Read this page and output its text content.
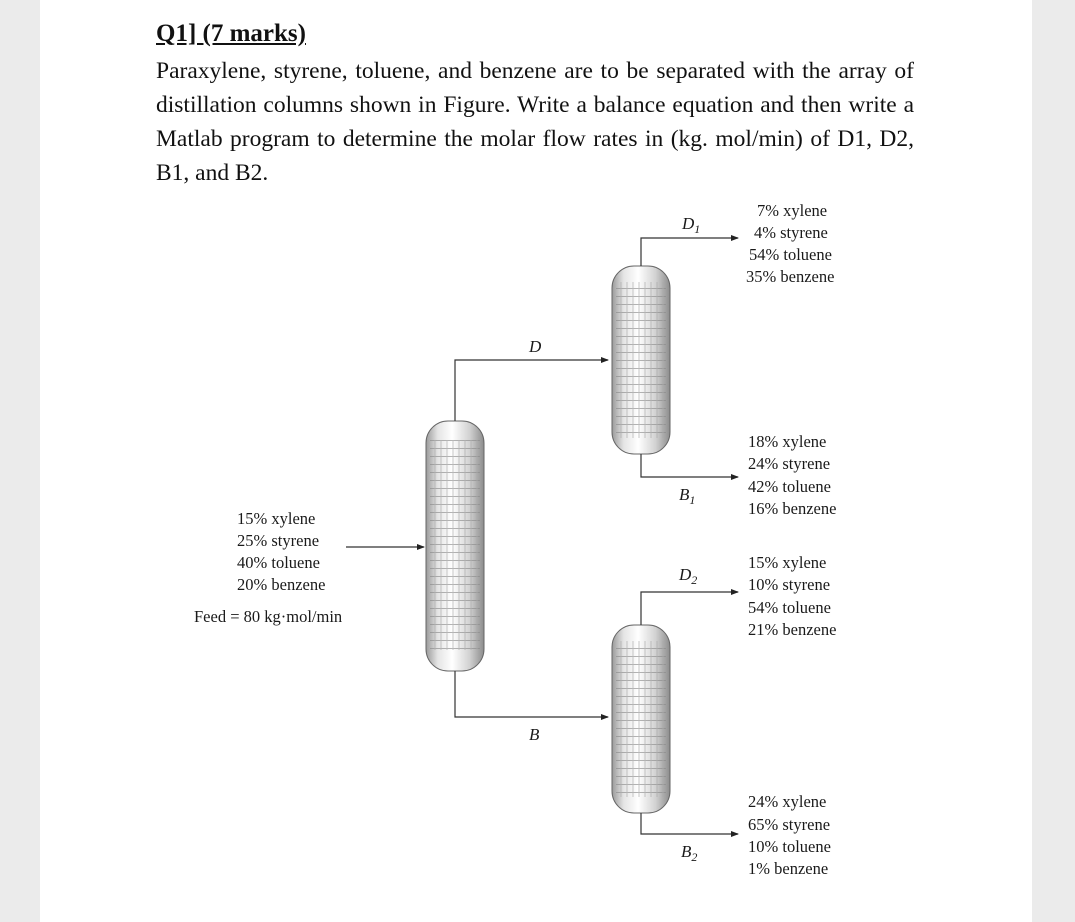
Q1] (7 marks)

Paraxylene, styrene, toluene, and benzene are to be separated with the array of distillation columns shown in Figure. Write a balance equation and then write a Matlab program to determine the molar flow rates in (kg. mol/min) of D1, D2, B1, and B2.

D
B
$D_1$
$B_1$
$D_2$
$B_2$
15% xylene
25% styrene
40% toluene
20% benzene
Feed = 80 kg·mol/min
7% xylene
4% styrene
54% toluene
35% benzene
18% xylene
24% styrene
42% toluene
16% benzene
15% xylene
10% styrene
54% toluene
21% benzene
24% xylene
65% styrene
10% toluene
1% benzene
